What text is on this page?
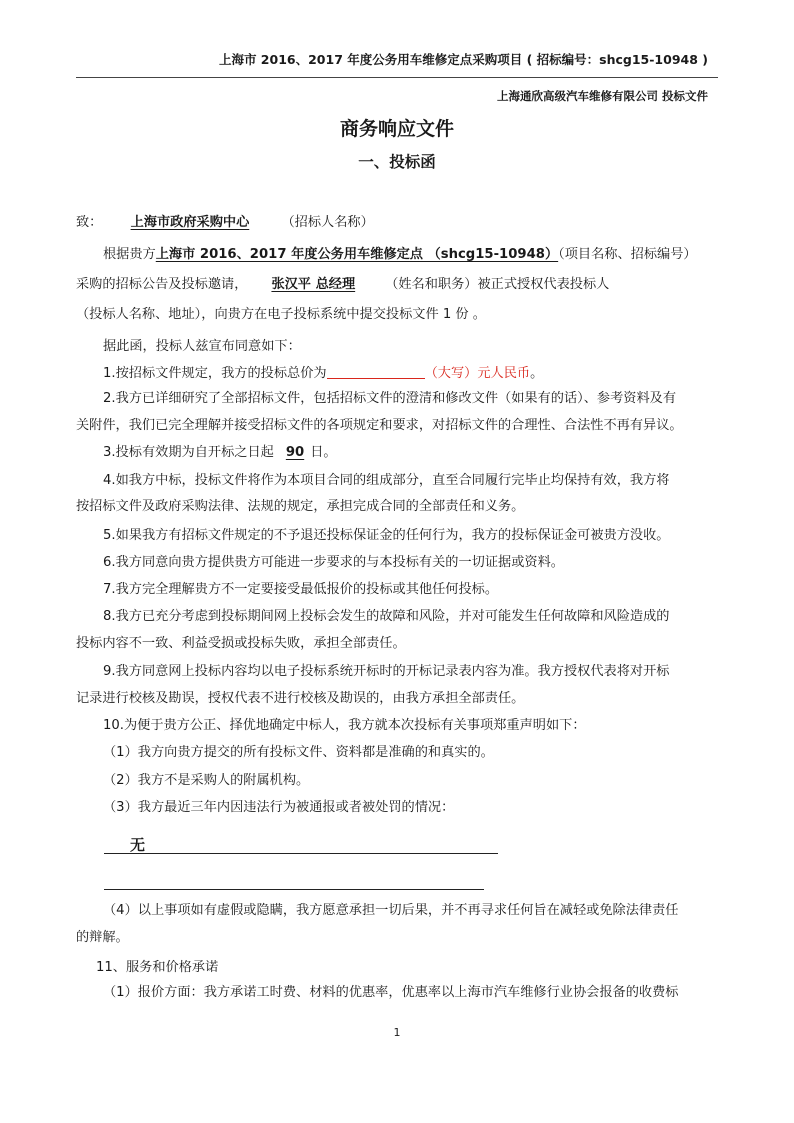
上海市 2016、2017 年度公务用车维修定点采购项目 ( 招标编号：shcg15-10948 )
上海通欣高级汽车维修有限公司 投标文件
商务响应文件
一、投标函
致： 上海市政府采购中心 （招标人名称）
根据贵方上海市 2016、2017 年度公务用车维修定点 （shcg15-10948）（项目名称、招标编号）
采购的招标公告及投标邀请， 张汉平 总经理 （姓名和职务）被正式授权代表投标人
（投标人名称、地址），向贵方在电子投标系统中提交投标文件 1 份 。
据此函，投标人兹宣布同意如下：
1.按招标文件规定，我方的投标总价为	（大写）元人民币。
2.我方已详细研究了全部招标文件，包括招标文件的澄清和修改文件（如果有的话）、参考资料及有
关附件，我们已完全理解并接受招标文件的各项规定和要求，对招标文件的合理性、合法性不再有异议。
3.投标有效期为自开标之日起 90 日。
4.如我方中标，投标文件将作为本项目合同的组成部分，直至合同履行完毕止均保持有效，我方将
按招标文件及政府采购法律、法规的规定，承担完成合同的全部责任和义务。
5.如果我方有招标文件规定的不予退还投标保证金的任何行为，我方的投标保证金可被贵方没收。
6.我方同意向贵方提供贵方可能进一步要求的与本投标有关的一切证据或资料。
7.我方完全理解贵方不一定要接受最低报价的投标或其他任何投标。
8.我方已充分考虑到投标期间网上投标会发生的故障和风险，并对可能发生任何故障和风险造成的
投标内容不一致、利益受损或投标失败，承担全部责任。
9.我方同意网上投标内容均以电子投标系统开标时的开标记录表内容为准。我方授权代表将对开标
记录进行校核及勘误，授权代表不进行校核及勘误的，由我方承担全部责任。
10.为便于贵方公正、择优地确定中标人，我方就本次投标有关事项郑重声明如下：
（1）我方向贵方提交的所有投标文件、资料都是准确的和真实的。
（2）我方不是采购人的附属机构。
（3）我方最近三年内因违法行为被通报或者被处罚的情况：
无
（4）以上事项如有虚假或隐瞒，我方愿意承担一切后果，并不再寻求任何旨在减轻或免除法律责任
的辩解。
11、服务和价格承诺
（1）报价方面：我方承诺工时费、材料的优惠率，优惠率以上海市汽车维修行业协会报备的收费标
1
